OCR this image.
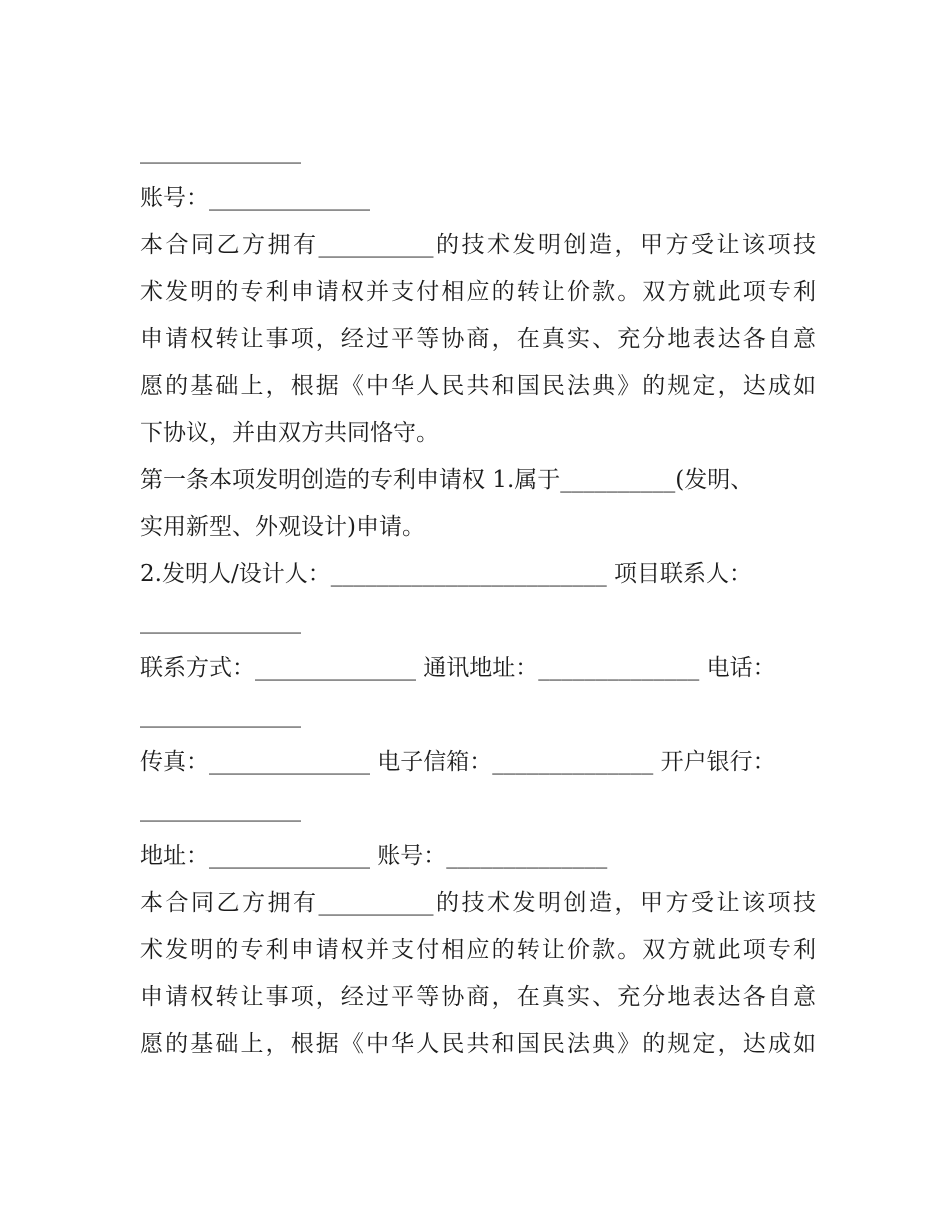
______________
账号：______________
本合同乙方拥有__________的技术发明创造，甲方受让该项技
术发明的专利申请权并支付相应的转让价款。双方就此项专利
申请权转让事项，经过平等协商，在真实、充分地表达各自意
愿的基础上，根据《中华人民共和国民法典》的规定，达成如
下协议，并由双方共同恪守。
第一条本项发明创造的专利申请权 1.属于__________(发明、
实用新型、外观设计)申请。
2.发明人/设计人：________________________ 项目联系人：
______________
联系方式：______________ 通讯地址：______________ 电话：
______________
传真：______________ 电子信箱：______________ 开户银行：
______________
地址：______________ 账号：______________
本合同乙方拥有__________的技术发明创造，甲方受让该项技
术发明的专利申请权并支付相应的转让价款。双方就此项专利
申请权转让事项，经过平等协商，在真实、充分地表达各自意
愿的基础上，根据《中华人民共和国民法典》的规定，达成如
